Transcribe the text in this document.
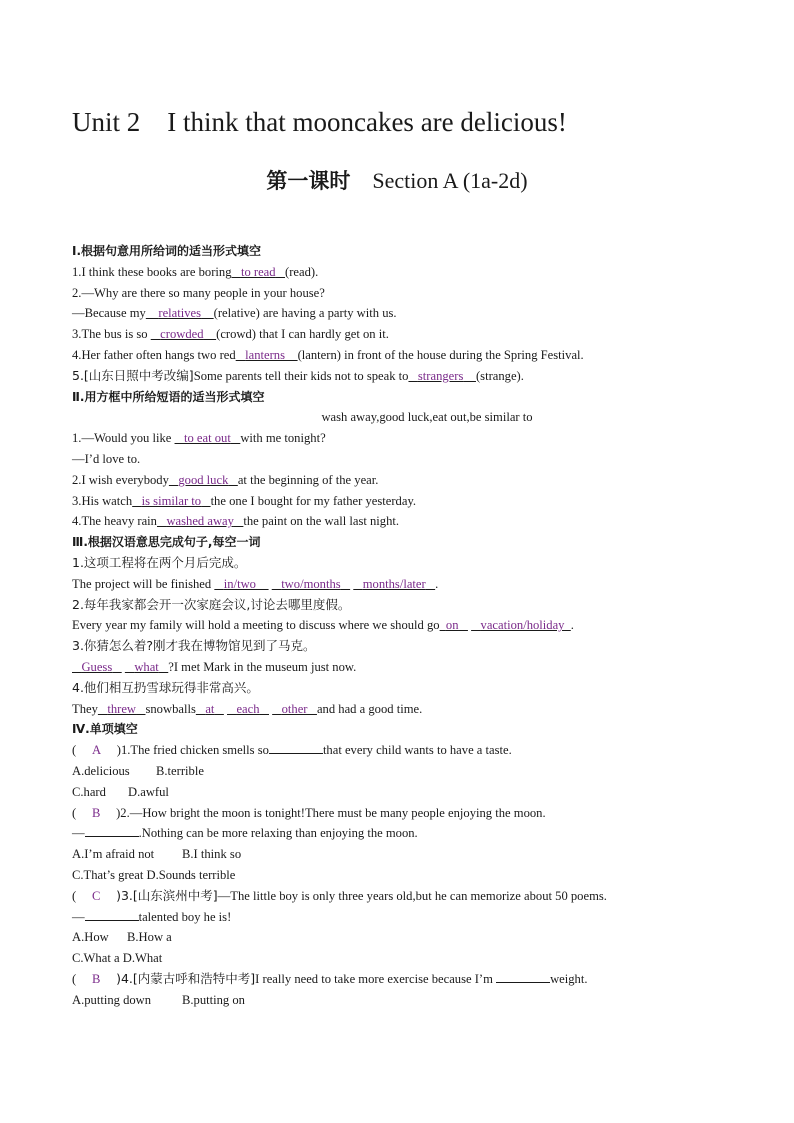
Unit 2　I think that mooncakes are delicious!
第一课时 Section A (1a-2d)
Ⅰ.根据句意用所给词的适当形式填空
1.I think these books are boring to read (read).
2.—Why are there so many people in your house?
—Because my relatives (relative) are having a party with us.
3.The bus is so    crowded (crowd) that I can hardly get on it.
4.Her father often hangs two red lanterns (lantern) in front of the house during the Spring Festival.
5.[山东日照中考改编]Some parents tell their kids not to speak to strangers (strange).
Ⅱ.用方框中所给短语的适当形式填空
wash away,good luck,eat out,be similar to
1.—Would you like    to eat out with me tonight?
—I’d love to.
2.I wish everybody good luck at the beginning of the year.
3.His watch is similar to the one I bought for my father yesterday.
4.The heavy rain washed away the paint on the wall last night.
Ⅲ.根据汉语意思完成句子,每空一词
1.这项工程将在两个月后完成。
The project will be finished    in/two two/months months/later .
2.每年我家都会开一次家庭会议,讨论去哪里度假。
Every year my family will hold a meeting to discuss where we should go on vacation/holiday .
3.你猜怎么着?刚才我在博物馆见到了马克。
Guess what ?I met Mark in the museum just now.
4.他们相互扔雪球玩得非常高兴。
They threw snowballs at each other and had a good time.
Ⅳ.单项填空
(     A )1.The fried chicken smells so	that every child wants to have a taste.
A.delicious B.terrible
C.hard D.awful
(     B )2.—How bright the moon is tonight!There must be many people enjoying the moon.
—	.Nothing can be more relaxing than enjoying the moon.
A.I’m afraid not B.I think so
C.That’s great D.Sounds terrible
(     C )3.[山东滨州中考]—The little boy is only three years old,but he can memorize about 50 poems.
—	talented boy he is!
A.How B.How a
C.What a D.What
(     B )4.[内蒙古呼和浩特中考]I really need to take more exercise because I’m	weight.
A.putting down B.putting on
